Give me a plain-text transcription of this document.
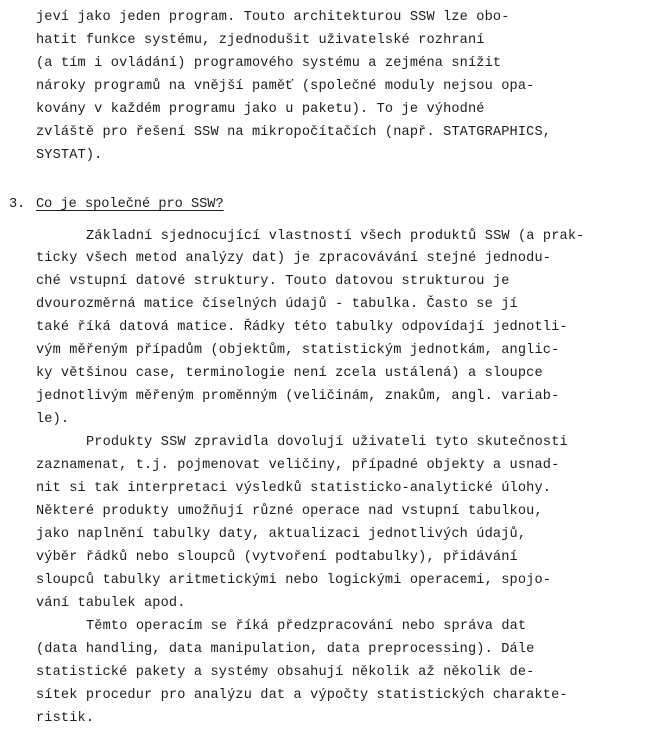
jeví jako jeden program. Touto architekturou SSW lze obo-
hatit funkce systému, zjednodušit uživatelské rozhraní
(a tím i ovládání) programového systému a zejména snížit
nároky programů na vnější paměť (společné moduly nejsou opa-
kovány v každém programu jako u paketu). To je výhodné
zvláště pro řešení SSW na mikropočítačích (např. STATGRAPHICS,
SYSTAT).
3. Co je společné pro SSW?
Základní sjednocující vlastností všech produktů SSW (a prak-
ticky všech metod analýzy dat) je zpracovávání stejné jednodu-
ché vstupní datové struktury. Touto datovou strukturou je
dvourozměrná matice číselných údajů - tabulka. Často se jí
také říká datová matice. Řádky této tabulky odpovídají jednotli-
vým měřeným případům (objektům, statistickým jednotkám, anglic-
ky většinou case, terminologie není zcela ustálená) a sloupce
jednotlivým měřeným proměnným (veličinám, znakům, angl. variab-
le).
Produkty SSW zpravidla dovolují uživateli tyto skutečnosti
zaznamenat, t.j. pojmenovat veličiny, případné objekty a usnad-
nit si tak interpretaci výsledků statisticko-analytické úlohy.
Některé produkty umožňují různé operace nad vstupní tabulkou,
jako naplnění tabulky daty, aktualizaci jednotlivých údajů,
výběr řádků nebo sloupců (vytvoření podtabulky), přidávání
sloupců tabulky aritmetickými nebo logickými operacemi, spojo-
vání tabulek apod.
Těmto operacím se říká předzpracování nebo správa dat
(data handling, data manipulation, data preprocessing). Dále
statistické pakety a systémy obsahují několik až několik de-
sítek procedur pro analýzu dat a výpočty statistických charakte-
ristik.
